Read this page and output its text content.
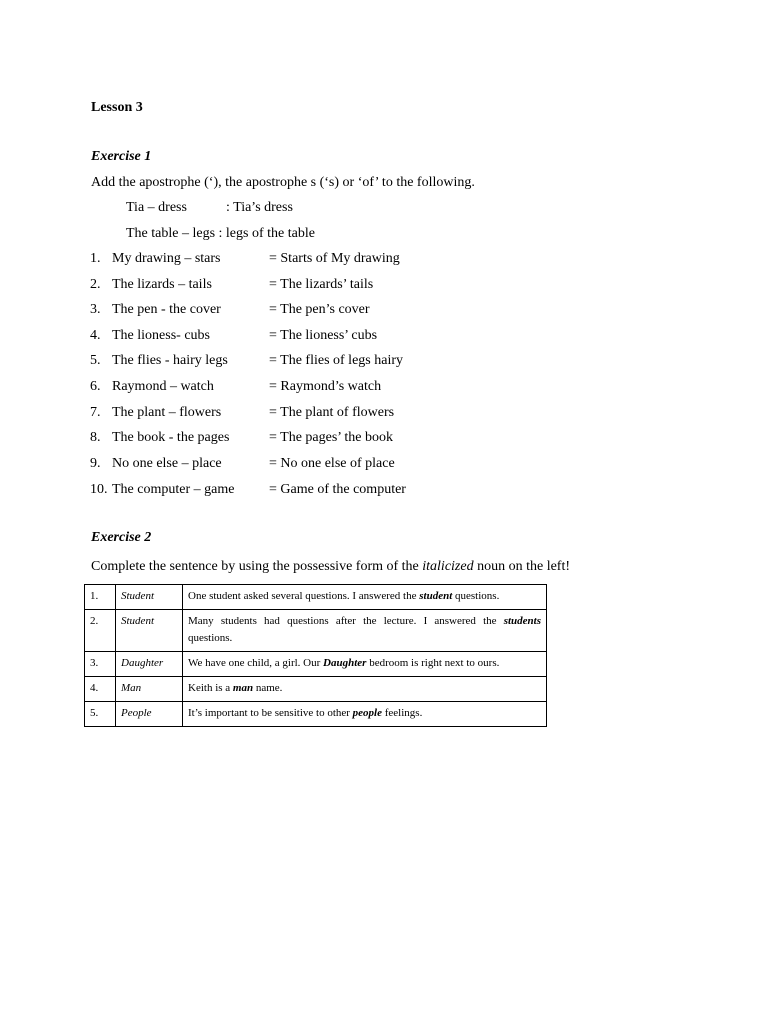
Lesson 3
Exercise 1
Add the apostrophe (‘), the apostrophe s (‘s) or ‘of’ to the following.
Tia – dress	: Tia’s dress
The table – legs : legs of the table
1. My drawing – stars	= Starts of My drawing
2. The lizards – tails	= The lizards’ tails
3. The pen - the cover	= The pen’s cover
4. The lioness- cubs	= The lioness’ cubs
5. The flies - hairy legs	= The flies of legs hairy
6. Raymond – watch	= Raymond’s watch
7. The plant – flowers	= The plant of flowers
8. The book - the pages	= The pages’ the book
9. No one else – place	= No one else of place
10. The computer – game = Game of the computer
Exercise 2
Complete the sentence by using the possessive form of the italicized noun on the left!
1.	Student	One student asked several questions. I answered the student questions.
2.	Student	Many students had questions after the lecture. I answered the students questions.
3.	Daughter	We have one child, a girl. Our Daughter bedroom is right next to ours.
4.	Man	Keith is a man name.
5.	People	It’s important to be sensitive to other people feelings.
